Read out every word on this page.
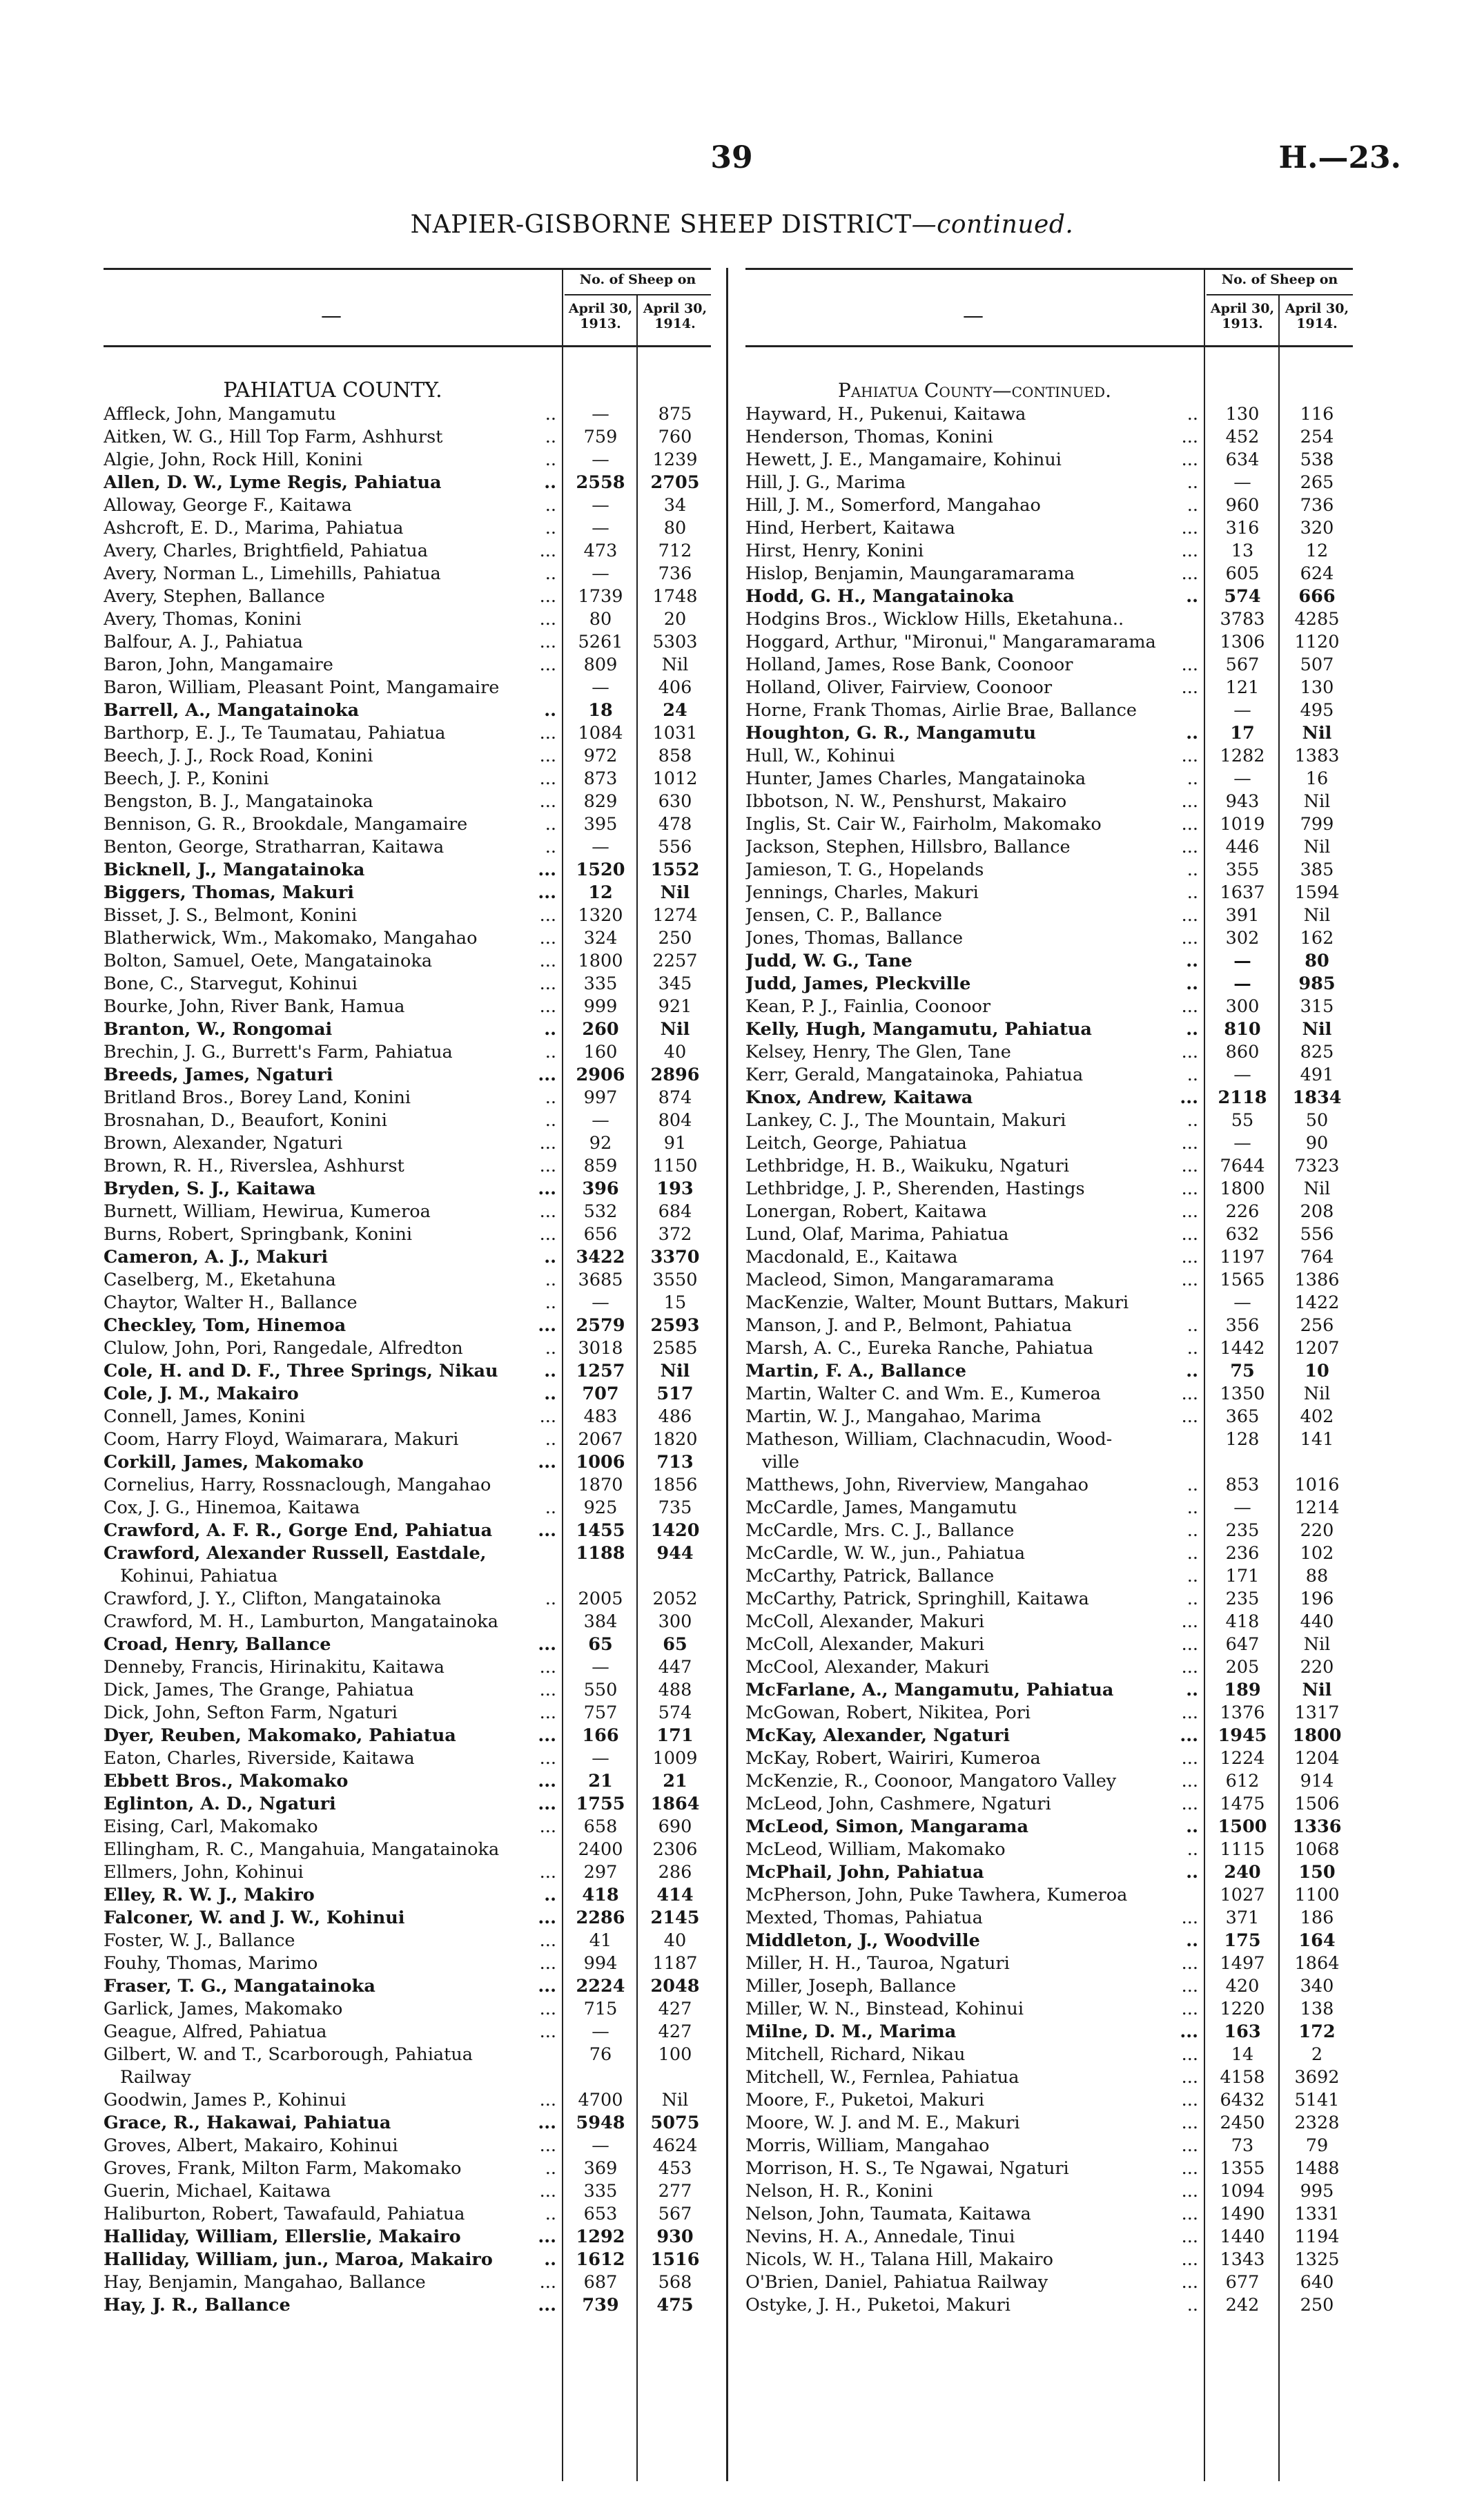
39	H.—23.
NAPIER-GISBORNE SHEEP DISTRICT—continued.
—
No. of Sheep on
April 30, 1913.
April 30, 1914.
PAHIATUA COUNTY.
Affleck, John, Mangamutu	..	—	875
Aitken, W. G., Hill Top Farm, Ashhurst	..	759	760
Algie, John, Rock Hill, Konini	..	—	1239
Allen, D. W., Lyme Regis, Pahiatua	..	2558	2705
Alloway, George F., Kaitawa	..	—	34
Ashcroft, E. D., Marima, Pahiatua	..	—	80
Avery, Charles, Brightfield, Pahiatua	...	473	712
Avery, Norman L., Limehills, Pahiatua	..	—	736
Avery, Stephen, Ballance	...	1739	1748
Avery, Thomas, Konini	...	80	20
Balfour, A. J., Pahiatua	...	5261	5303
Baron, John, Mangamaire	...	809	Nil
Baron, William, Pleasant Point, Mangamaire	—	406
Barrell, A., Mangatainoka	..	18	24
Barthorp, E. J., Te Taumatau, Pahiatua	...	1084	1031
Beech, J. J., Rock Road, Konini	...	972	858
Beech, J. P., Konini	...	873	1012
Bengston, B. J., Mangatainoka	...	829	630
Bennison, G. R., Brookdale, Mangamaire	..	395	478
Benton, George, Stratharran, Kaitawa	..	—	556
Bicknell, J., Mangatainoka	...	1520	1552
Biggers, Thomas, Makuri	...	12	Nil
Bisset, J. S., Belmont, Konini	...	1320	1274
Blatherwick, Wm., Makomako, Mangahao	...	324	250
Bolton, Samuel, Oete, Mangatainoka	...	1800	2257
Bone, C., Starvegut, Kohinui	...	335	345
Bourke, John, River Bank, Hamua	...	999	921
Branton, W., Rongomai	..	260	Nil
Brechin, J. G., Burrett's Farm, Pahiatua	..	160	40
Breeds, James, Ngaturi	...	2906	2896
Britland Bros., Borey Land, Konini	..	997	874
Brosnahan, D., Beaufort, Konini	..	—	804
Brown, Alexander, Ngaturi	...	92	91
Brown, R. H., Riverslea, Ashhurst	...	859	1150
Bryden, S. J., Kaitawa	...	396	193
Burnett, William, Hewirua, Kumeroa	...	532	684
Burns, Robert, Springbank, Konini	...	656	372
Cameron, A. J., Makuri	..	3422	3370
Caselberg, M., Eketahuna	..	3685	3550
Chaytor, Walter H., Ballance	..	—	15
Checkley, Tom, Hinemoa	...	2579	2593
Clulow, John, Pori, Rangedale, Alfredton	..	3018	2585
Cole, H. and D. F., Three Springs, Nikau	..	1257	Nil
Cole, J. M., Makairo	..	707	517
Connell, James, Konini	...	483	486
Coom, Harry Floyd, Waimarara, Makuri	..	2067	1820
Corkill, James, Makomako	...	1006	713
Cornelius, Harry, Rossnaclough, Mangahao	1870	1856
Cox, J. G., Hinemoa, Kaitawa	..	925	735
Crawford, A. F. R., Gorge End, Pahiatua	...	1455	1420
Crawford, Alexander Russell, Eastdale,	1188	944
Kohinui, Pahiatua
Crawford, J. Y., Clifton, Mangatainoka	..	2005	2052
Crawford, M. H., Lamburton, Mangatainoka	384	300
Croad, Henry, Ballance	...	65	65
Denneby, Francis, Hirinakitu, Kaitawa	...	—	447
Dick, James, The Grange, Pahiatua	...	550	488
Dick, John, Sefton Farm, Ngaturi	...	757	574
Dyer, Reuben, Makomako, Pahiatua	...	166	171
Eaton, Charles, Riverside, Kaitawa	...	—	1009
Ebbett Bros., Makomako	...	21	21
Eglinton, A. D., Ngaturi	...	1755	1864
Eising, Carl, Makomako	...	658	690
Ellingham, R. C., Mangahuia, Mangatainoka	2400	2306
Ellmers, John, Kohinui	...	297	286
Elley, R. W. J., Makiro	..	418	414
Falconer, W. and J. W., Kohinui	...	2286	2145
Foster, W. J., Ballance	...	41	40
Fouhy, Thomas, Marimo	...	994	1187
Fraser, T. G., Mangatainoka	...	2224	2048
Garlick, James, Makomako	...	715	427
Geague, Alfred, Pahiatua	...	—	427
Gilbert, W. and T., Scarborough, Pahiatua	76	100
Railway
Goodwin, James P., Kohinui	...	4700	Nil
Grace, R., Hakawai, Pahiatua	...	5948	5075
Groves, Albert, Makairo, Kohinui	...	—	4624
Groves, Frank, Milton Farm, Makomako	..	369	453
Guerin, Michael, Kaitawa	...	335	277
Haliburton, Robert, Tawafauld, Pahiatua	..	653	567
Halliday, William, Ellerslie, Makairo	...	1292	930
Halliday, William, jun., Maroa, Makairo	..	1612	1516
Hay, Benjamin, Mangahao, Ballance	...	687	568
Hay, J. R., Ballance	...	739	475
—
No. of Sheep on
April 30, 1913.
April 30, 1914.
Pahiatua County—continued.
Hayward, H., Pukenui, Kaitawa	..	130	116
Henderson, Thomas, Konini	...	452	254
Hewett, J. E., Mangamaire, Kohinui	...	634	538
Hill, J. G., Marima	..	—	265
Hill, J. M., Somerford, Mangahao	..	960	736
Hind, Herbert, Kaitawa	...	316	320
Hirst, Henry, Konini	...	13	12
Hislop, Benjamin, Maungaramarama	...	605	624
Hodd, G. H., Mangatainoka	..	574	666
Hodgins Bros., Wicklow Hills, Eketahuna..	3783	4285
Hoggard, Arthur, "Mironui," Mangaramarama	1306	1120
Holland, James, Rose Bank, Coonoor	...	567	507
Holland, Oliver, Fairview, Coonoor	...	121	130
Horne, Frank Thomas, Airlie Brae, Ballance	—	495
Houghton, G. R., Mangamutu	..	17	Nil
Hull, W., Kohinui	...	1282	1383
Hunter, James Charles, Mangatainoka	..	—	16
Ibbotson, N. W., Penshurst, Makairo	...	943	Nil
Inglis, St. Cair W., Fairholm, Makomako	...	1019	799
Jackson, Stephen, Hillsbro, Ballance	...	446	Nil
Jamieson, T. G., Hopelands	..	355	385
Jennings, Charles, Makuri	..	1637	1594
Jensen, C. P., Ballance	...	391	Nil
Jones, Thomas, Ballance	...	302	162
Judd, W. G., Tane	..	—	80
Judd, James, Pleckville	..	—	985
Kean, P. J., Fainlia, Coonoor	...	300	315
Kelly, Hugh, Mangamutu, Pahiatua	..	810	Nil
Kelsey, Henry, The Glen, Tane	...	860	825
Kerr, Gerald, Mangatainoka, Pahiatua	..	—	491
Knox, Andrew, Kaitawa	...	2118	1834
Lankey, C. J., The Mountain, Makuri	..	55	50
Leitch, George, Pahiatua	...	—	90
Lethbridge, H. B., Waikuku, Ngaturi	...	7644	7323
Lethbridge, J. P., Sherenden, Hastings	...	1800	Nil
Lonergan, Robert, Kaitawa	...	226	208
Lund, Olaf, Marima, Pahiatua	...	632	556
Macdonald, E., Kaitawa	...	1197	764
Macleod, Simon, Mangaramarama	...	1565	1386
MacKenzie, Walter, Mount Buttars, Makuri	—	1422
Manson, J. and P., Belmont, Pahiatua	..	356	256
Marsh, A. C., Eureka Ranche, Pahiatua	..	1442	1207
Martin, F. A., Ballance	..	75	10
Martin, Walter C. and Wm. E., Kumeroa	...	1350	Nil
Martin, W. J., Mangahao, Marima	...	365	402
Matheson, William, Clachnacudin, Wood-	128	141
ville
Matthews, John, Riverview, Mangahao	..	853	1016
McCardle, James, Mangamutu	..	—	1214
McCardle, Mrs. C. J., Ballance	..	235	220
McCardle, W. W., jun., Pahiatua	..	236	102
McCarthy, Patrick, Ballance	..	171	88
McCarthy, Patrick, Springhill, Kaitawa	..	235	196
McColl, Alexander, Makuri	...	418	440
McColl, Alexander, Makuri	...	647	Nil
McCool, Alexander, Makuri	...	205	220
McFarlane, A., Mangamutu, Pahiatua	..	189	Nil
McGowan, Robert, Nikitea, Pori	...	1376	1317
McKay, Alexander, Ngaturi	...	1945	1800
McKay, Robert, Wairiri, Kumeroa	...	1224	1204
McKenzie, R., Coonoor, Mangatoro Valley	...	612	914
McLeod, John, Cashmere, Ngaturi	...	1475	1506
McLeod, Simon, Mangarama	..	1500	1336
McLeod, William, Makomako	..	1115	1068
McPhail, John, Pahiatua	..	240	150
McPherson, John, Puke Tawhera, Kumeroa	1027	1100
Mexted, Thomas, Pahiatua	...	371	186
Middleton, J., Woodville	..	175	164
Miller, H. H., Tauroa, Ngaturi	...	1497	1864
Miller, Joseph, Ballance	...	420	340
Miller, W. N., Binstead, Kohinui	...	1220	138
Milne, D. M., Marima	...	163	172
Mitchell, Richard, Nikau	...	14	2
Mitchell, W., Fernlea, Pahiatua	...	4158	3692
Moore, F., Puketoi, Makuri	...	6432	5141
Moore, W. J. and M. E., Makuri	...	2450	2328
Morris, William, Mangahao	...	73	79
Morrison, H. S., Te Ngawai, Ngaturi	...	1355	1488
Nelson, H. R., Konini	...	1094	995
Nelson, John, Taumata, Kaitawa	...	1490	1331
Nevins, H. A., Annedale, Tinui	...	1440	1194
Nicols, W. H., Talana Hill, Makairo	...	1343	1325
O'Brien, Daniel, Pahiatua Railway	...	677	640
Ostyke, J. H., Puketoi, Makuri	..	242	250
